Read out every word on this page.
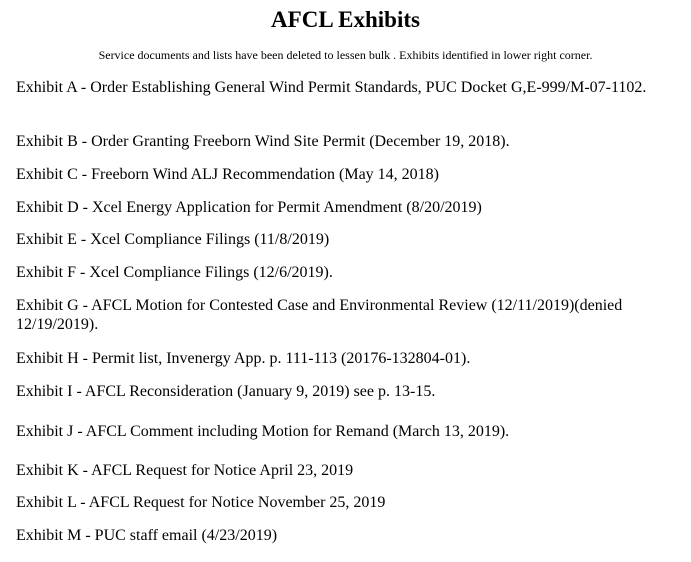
AFCL Exhibits

Service documents and lists have been deleted to lessen bulk . Exhibits identified in lower right corner.

Exhibit A - Order Establishing General Wind Permit Standards, PUC Docket G,E-999/M-07-1102.
Exhibit B - Order Granting Freeborn Wind Site Permit (December 19, 2018).
Exhibit C - Freeborn Wind ALJ Recommendation (May 14, 2018)
Exhibit D - Xcel Energy Application for Permit Amendment (8/20/2019)
Exhibit E - Xcel Compliance Filings (11/8/2019)
Exhibit F - Xcel Compliance Filings (12/6/2019).
Exhibit G - AFCL Motion for Contested Case and Environmental Review (12/11/2019)(denied 12/19/2019).
Exhibit H - Permit list, Invenergy App. p. 111-113 (20176-132804-01).
Exhibit I - AFCL Reconsideration (January 9, 2019) see p. 13-15.
Exhibit J - AFCL Comment including Motion for Remand (March 13, 2019).
Exhibit K - AFCL Request for Notice April 23, 2019
Exhibit L - AFCL Request for Notice November 25, 2019
Exhibit M - PUC staff email (4/23/2019)
